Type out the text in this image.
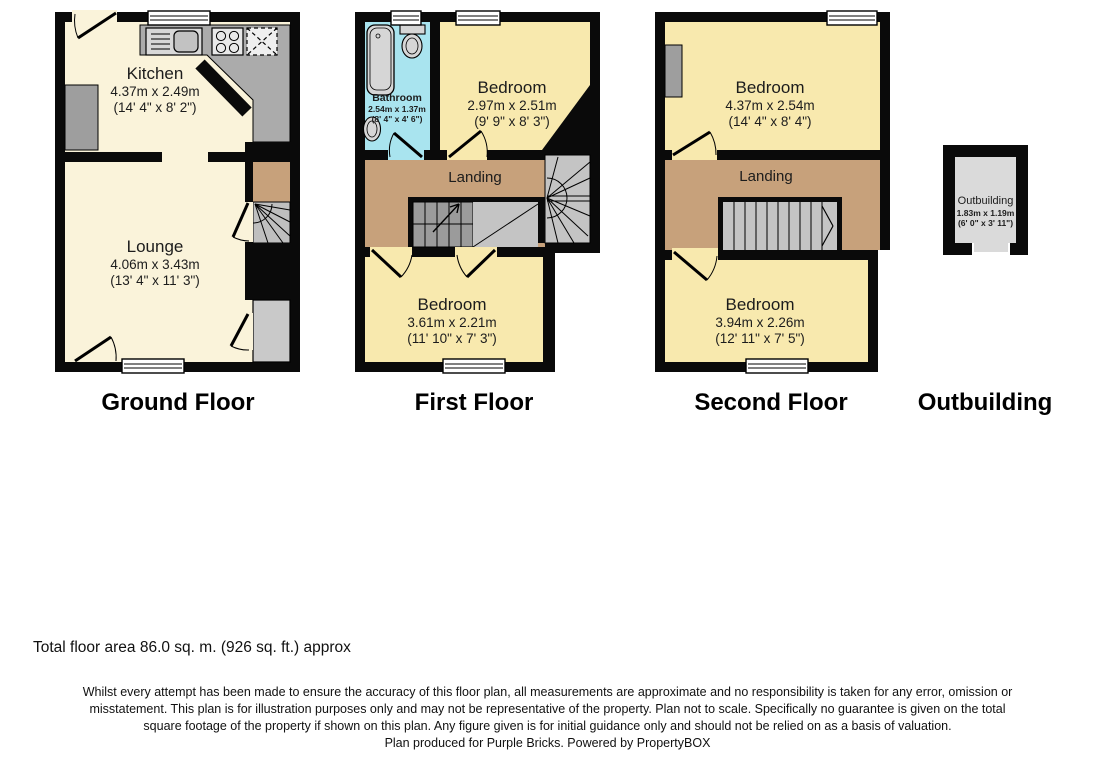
Kitchen
4.37m x 2.49m
(14' 4" x 8' 2")
Lounge
4.06m x 3.43m
(13' 4" x 11' 3")
Bathroom
2.54m x 1.37m
(8' 4" x 4' 6")
Bedroom
2.97m x 2.51m
(9' 9" x 8' 3")
Landing
Bedroom
3.61m x 2.21m
(11' 10" x 7' 3")
Bedroom
4.37m x 2.54m
(14' 4" x 8' 4")
Landing
Bedroom
3.94m x 2.26m
(12' 11" x 7' 5")
Outbuilding
1.83m x 1.19m
(6' 0" x 3' 11")
Ground Floor	First Floor	Second Floor	Outbuilding
Total floor area 86.0 sq. m. (926 sq. ft.) approx
Whilst every attempt has been made to ensure the accuracy of this floor plan, all measurements are approximate and no responsibility is taken for any error, omission or
misstatement. This plan is for illustration purposes only and may not be representative of the property. Plan not to scale. Specifically no guarantee is given on the total
square footage of the property if shown on this plan. Any figure given is for initial guidance only and should not be relied on as a basis of valuation.
Plan produced for Purple Bricks. Powered by PropertyBOX
